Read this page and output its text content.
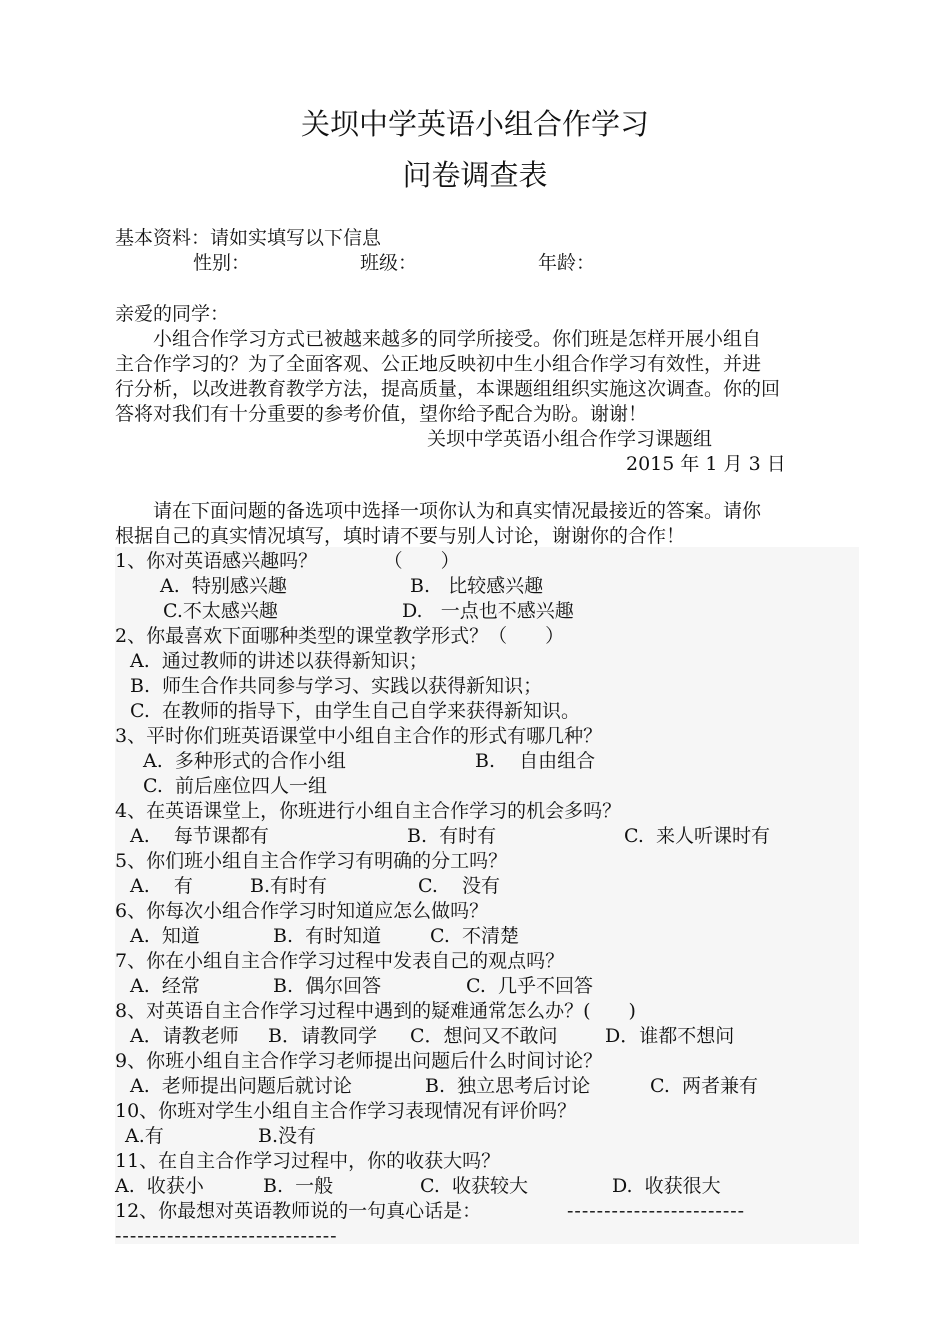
关坝中学英语小组合作学习
问卷调查表
基本资料：请如实填写以下信息
性别：	班级：	年龄：
亲爱的同学：
　　小组合作学习方式已被越来越多的同学所接受。你们班是怎样开展小组自
主合作学习的？为了全面客观、公正地反映初中生小组合作学习有效性，并进
行分析，以改进教育教学方法，提高质量，本课题组组织实施这次调查。你的回
答将对我们有十分重要的参考价值，望你给予配合为盼。谢谢！
关坝中学英语小组合作学习课题组
2015 年 1 月 3 日
　　请在下面问题的备选项中选择一项你认为和真实情况最接近的答案。请你
根据自己的真实情况填写，填时请不要与别人讨论，谢谢你的合作！
1、你对英语感兴趣吗？　　　　（　　）
A.  特别感兴趣	B.   比较感兴趣
C.不太感兴趣	D.   一点也不感兴趣
2、你最喜欢下面哪种类型的课堂教学形式？（　　）
A.  通过教师的讲述以获得新知识；
B.  师生合作共同参与学习、实践以获得新知识；
C.  在教师的指导下，由学生自己自学来获得新知识。
3、平时你们班英语课堂中小组自主合作的形式有哪几种？
A.  多种形式的合作小组	B.    自由组合
C.  前后座位四人一组
4、在英语课堂上，你班进行小组自主合作学习的机会多吗？
A.    每节课都有	B.  有时有	C.  来人听课时有
5、你们班小组自主合作学习有明确的分工吗？
A.    有	B.有时有	C.    没有
6、你每次小组合作学习时知道应怎么做吗？
A.  知道	B.  有时知道	C.  不清楚
7、你在小组自主合作学习过程中发表自己的观点吗？
A.  经常	B.  偶尔回答	C.  几乎不回答
8、对英语自主合作学习过程中遇到的疑难通常怎么办？(　　)
A．请教老师 B．请教同学 C．想问又不敢问 D．谁都不想问
9、你班小组自主合作学习老师提出问题后什么时间讨论？
A.  老师提出问题后就讨论	B.  独立思考后讨论	C.  两者兼有
10、你班对学生小组自主合作学习表现情况有评价吗？
A.有	B.没有
11、在自主合作学习过程中，你的收获大吗？
A.  收获小	B.  一般	C.  收获较大	D.  收获很大
12、你最想对英语教师说的一句真心话是：	------------------------
------------------------------
